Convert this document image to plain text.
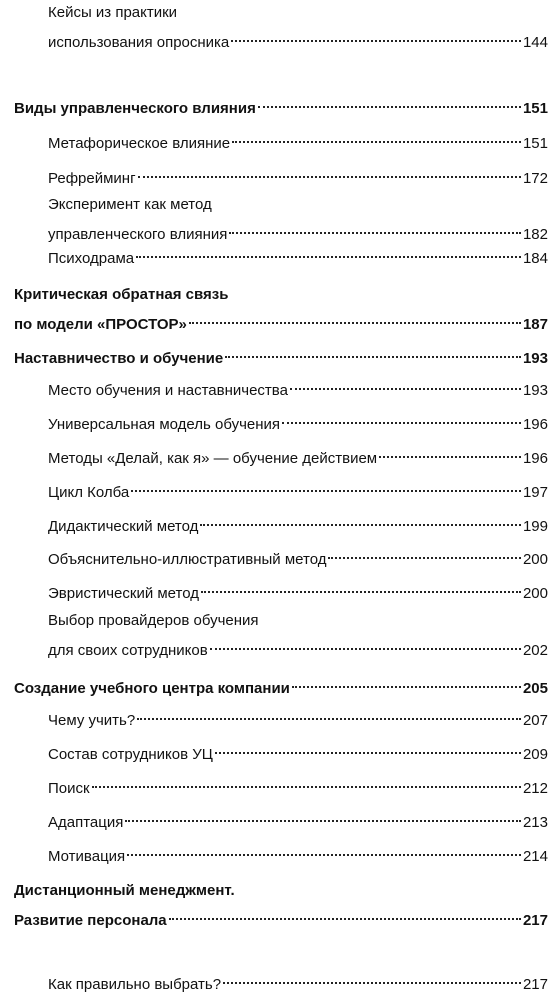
Кейсы из практики
использования опросника	144
Виды управленческого влияния	151
Метафорическое влияние	151
Рефрейминг	172
Эксперимент как метод
управленческого влияния	182
Психодрама	184
Критическая обратная связь
по модели «ПРОСТОР»	187
Наставничество и обучение	193
Место обучения и наставничества	193
Универсальная модель обучения	196
Методы «Делай, как я» — обучение действием	196
Цикл Колба	197
Дидактический метод	199
Объяснительно-иллюстративный метод	200
Эвристический метод	200
Выбор провайдеров обучения
для своих сотрудников	202
Создание учебного центра компании	205
Чему учить?	207
Состав сотрудников УЦ	209
Поиск	212
Адаптация	213
Мотивация	214
Дистанционный менеджмент.
Развитие персонала	217
Как правильно выбрать?	217
